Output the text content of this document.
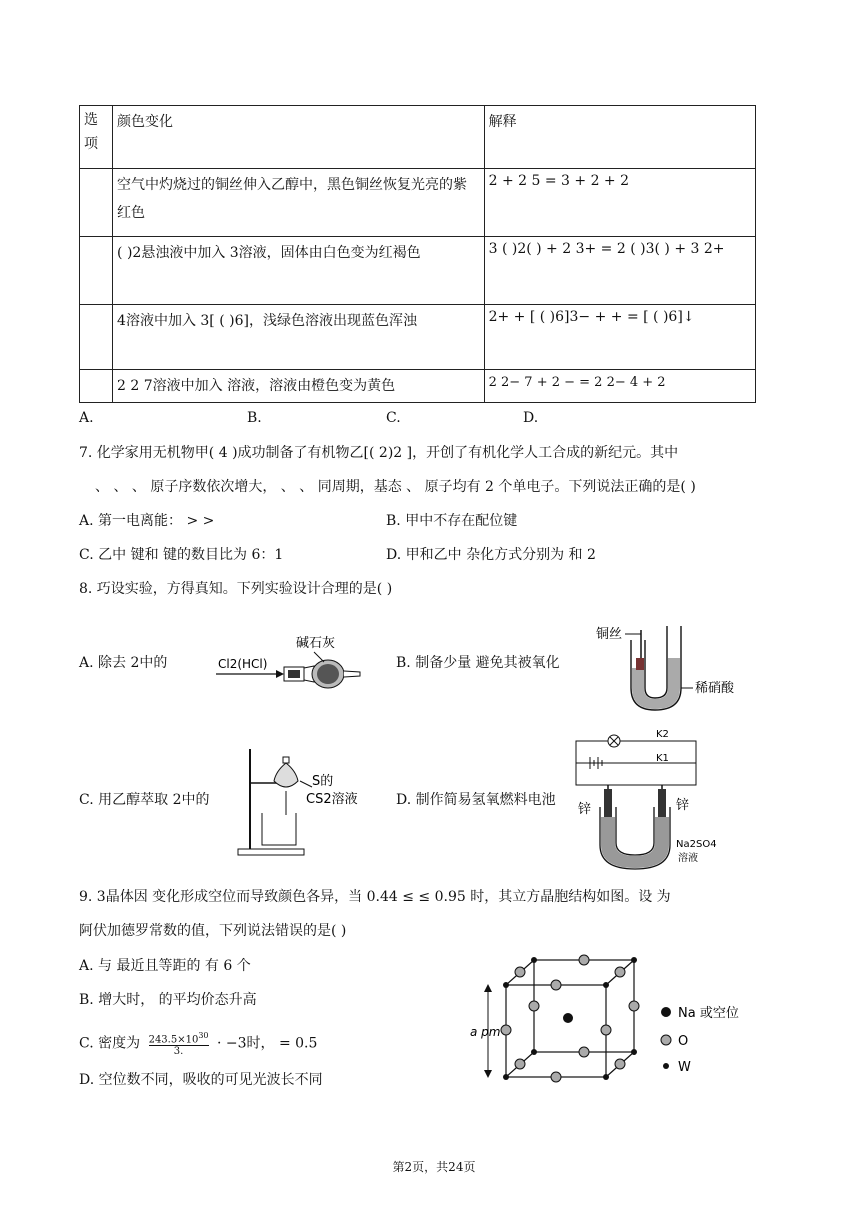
选项	颜色变化	解释
	空气中灼烧过的铜丝伸入乙醇中，黑色铜丝恢复光亮的紫红色	2 + 2 5 = 3 + 2 + 2
	( )2悬浊液中加入 3溶液，固体由白色变为红褐色	3 ( )2( ) + 2 3+ = 2 ( )3( ) + 3 2+
	4溶液中加入 3[ ( )6]，浅绿色溶液出现蓝色浑浊	2+ + [ ( )6]3− + + = [ ( )6]↓
	2 2 7溶液中加入 溶液，溶液由橙色变为黄色	2 2− 7 + 2 − = 2 2− 4 + 2
A.	B.	C.	D.
7. 化学家用无机物甲( 4 )成功制备了有机物乙[( 2)2 ]，开创了有机化学人工合成的新纪元。其中
、 、 、 原子序数依次增大， 、 、 同周期，基态 、 原子均有 2 个单电子。下列说法正确的是( )
A. 第一电离能： > >	B. 甲中不存在配位键
C. 乙中 键和 键的数目比为 6：1	D. 甲和乙中 杂化方式分别为 和 2
8. 巧设实验，方得真知。下列实验设计合理的是( )
A. 除去 2中的	B. 制备少量 避免其被氧化
C. 用乙醇萃取 2中的	D. 制作简易氢氧燃料电池
Cl2(HCl)
碱石灰
铜丝
稀硝酸
S的
CS2溶液
K2
K1
锌	锌
Na2SO4
溶液
9. 3晶体因 变化形成空位而导致颜色各异，当 0.44 ≤ ≤ 0.95 时，其立方晶胞结构如图。设 为
阿伏加德罗常数的值，下列说法错误的是( )
A. 与 最近且等距的 有 6 个
B. 增大时， 的平均价态升高
C. 密度为 $\frac{243.5\times 10^{30}}{3.} \cdot -3$时， = 0.5
D. 空位数不同，吸收的可见光波长不同
a pm
Na 或空位
O
W
第2页，共24页
